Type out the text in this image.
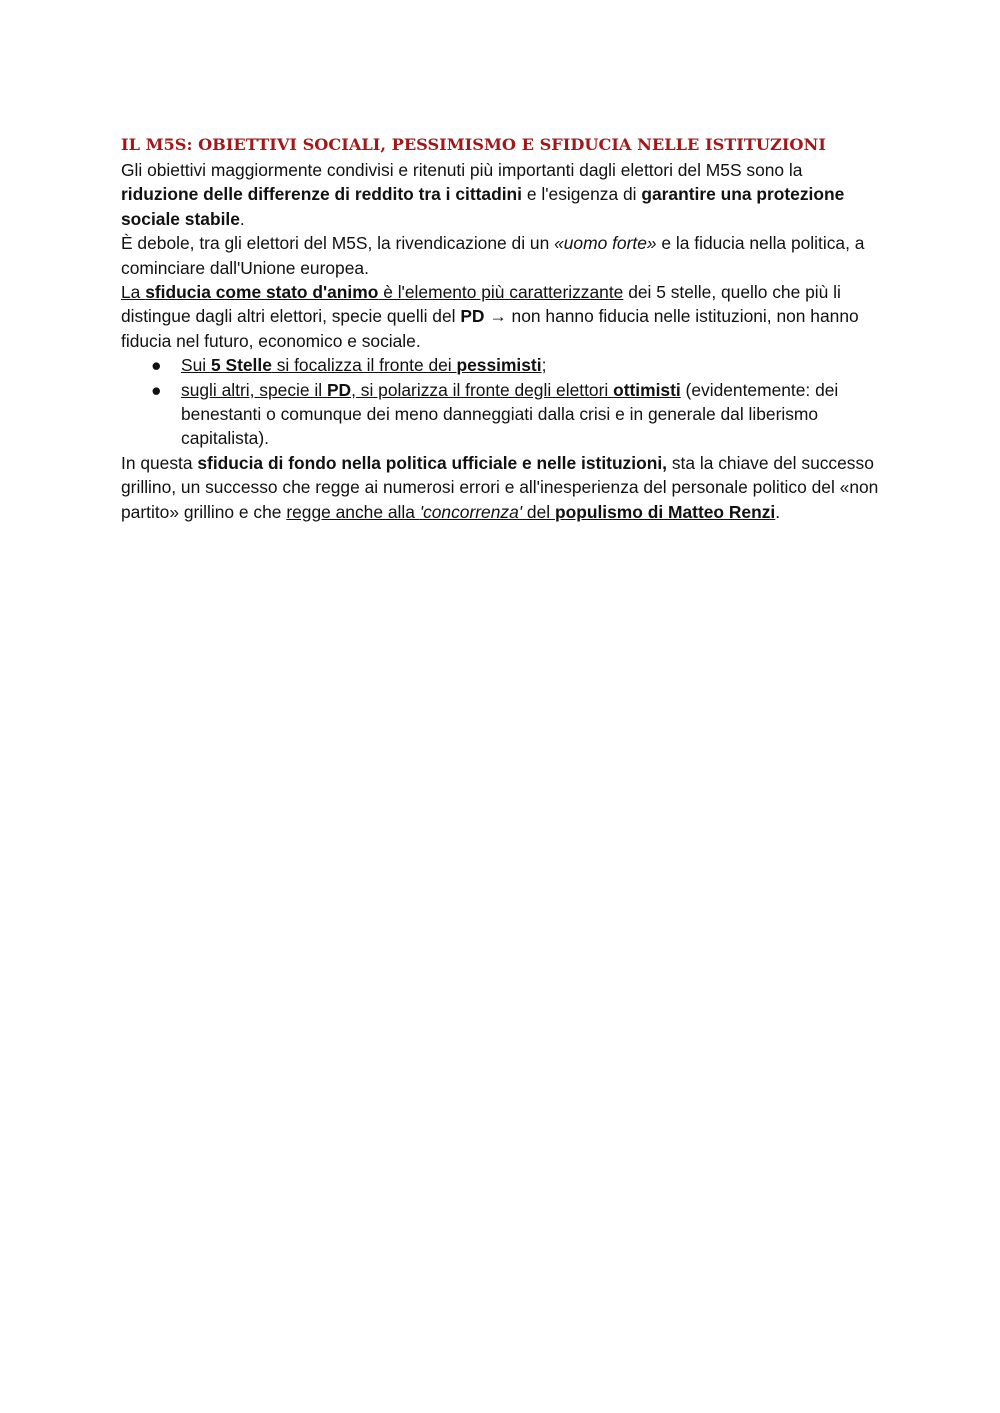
IL M5S: OBIETTIVI SOCIALI, PESSIMISMO E SFIDUCIA NELLE ISTITUZIONI

Gli obiettivi maggiormente condivisi e ritenuti più importanti dagli elettori del M5S sono la riduzione delle differenze di reddito tra i cittadini e l'esigenza di garantire una protezione sociale stabile.

È debole, tra gli elettori del M5S, la rivendicazione di un «uomo forte» e la fiducia nella politica, a cominciare dall'Unione europea.

La sfiducia come stato d'animo è l'elemento più caratterizzante dei 5 stelle, quello che più li distingue dagli altri elettori, specie quelli del PD → non hanno fiducia nelle istituzioni, non hanno fiducia nel futuro, economico e sociale.

● Sui 5 Stelle si focalizza il fronte dei pessimisti;
● sugli altri, specie il PD, si polarizza il fronte degli elettori ottimisti (evidentemente: dei benestanti o comunque dei meno danneggiati dalla crisi e in generale dal liberismo capitalista).

In questa sfiducia di fondo nella politica ufficiale e nelle istituzioni, sta la chiave del successo grillino, un successo che regge ai numerosi errori e all'inesperienza del personale politico del «non partito» grillino e che regge anche alla 'concorrenza' del populismo di Matteo Renzi.
